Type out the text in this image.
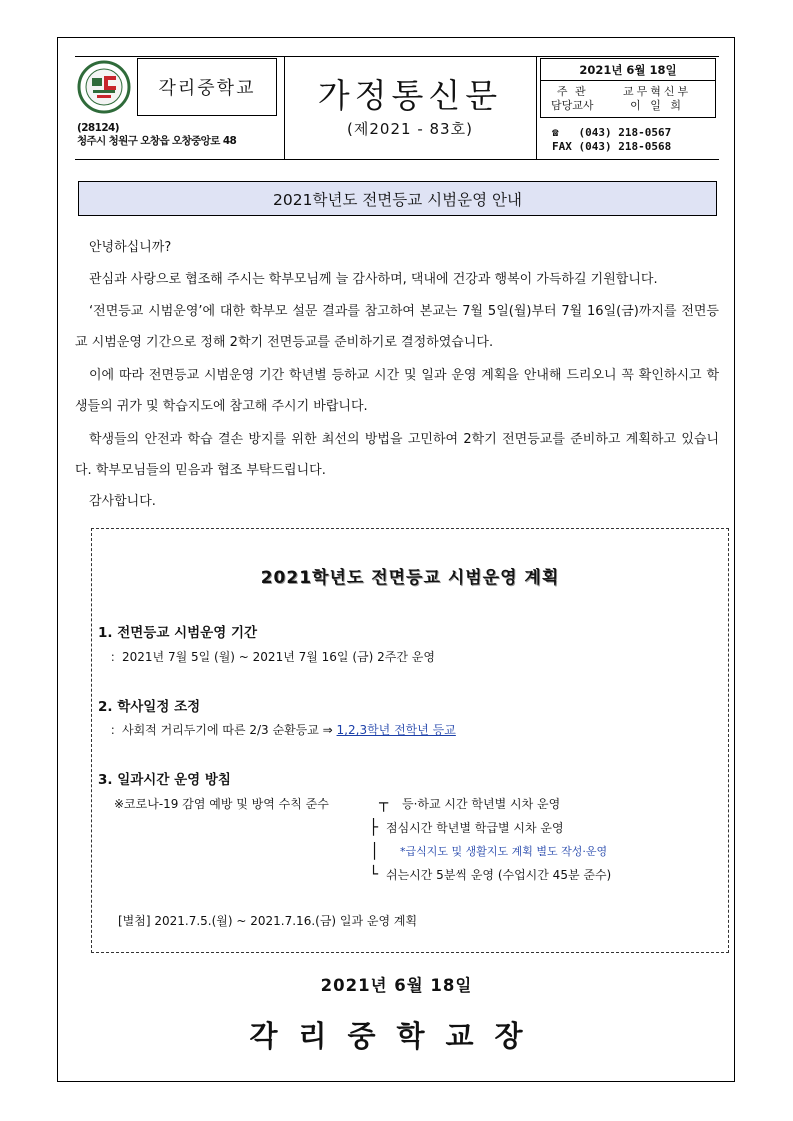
각리중학교
(28124)
청주시 청원구 오창읍 오창중앙로 48
가정통신문
(제2021 - 83호)
2021년 6월 18일
주 관
담당교사
교무혁신부
이 일 희
☎ (043) 218-0567
FAX (043) 218-0568
2021학년도 전면등교 시범운영 안내
안녕하십니까?
관심과 사랑으로 협조해 주시는 학부모님께 늘 감사하며, 댁내에 건강과 행복이 가득하길 기원합니다.
‘전면등교 시범운영’에 대한 학부모 설문 결과를 참고하여 본교는 7월 5일(월)부터 7월 16일(금)까지를 전면등교 시범운영 기간으로 정해 2학기 전면등교를 준비하기로 결정하였습니다.
이에 따라 전면등교 시범운영 기간 학년별 등하교 시간 및 일과 운영 계획을 안내해 드리오니 꼭 확인하시고 학생들의 귀가 및 학습지도에 참고해 주시기 바랍니다.
학생들의 안전과 학습 결손 방지를 위한 최선의 방법을 고민하여 2학기 전면등교를 준비하고 계획하고 있습니다. 학부모님들의 믿음과 협조 부탁드립니다.
감사합니다.
2021학년도 전면등교 시범운영 계획
1. 전면등교 시범운영 기간
：2021년 7월 5일 (월) ~ 2021년 7월 16일 (금) 2주간 운영
2. 학사일정 조정
：사회적 거리두기에 따른 2/3 순환등교 ⇒ 1,2,3학년 전학년 등교
3. 일과시간 운영 방침
※코로나-19 감염 예방 및 방역 수칙 준수	┬ 등·하교 시간 학년별 시차 운영
├ 점심시간 학년별 학급별 시차 운영
│ *급식지도 및 생활지도 계획 별도 작성·운영
└ 쉬는시간 5분씩 운영 (수업시간 45분 준수)
[별첨] 2021.7.5.(월) ~ 2021.7.16.(금) 일과 운영 계획
2021년 6월 18일
각리중학교장
